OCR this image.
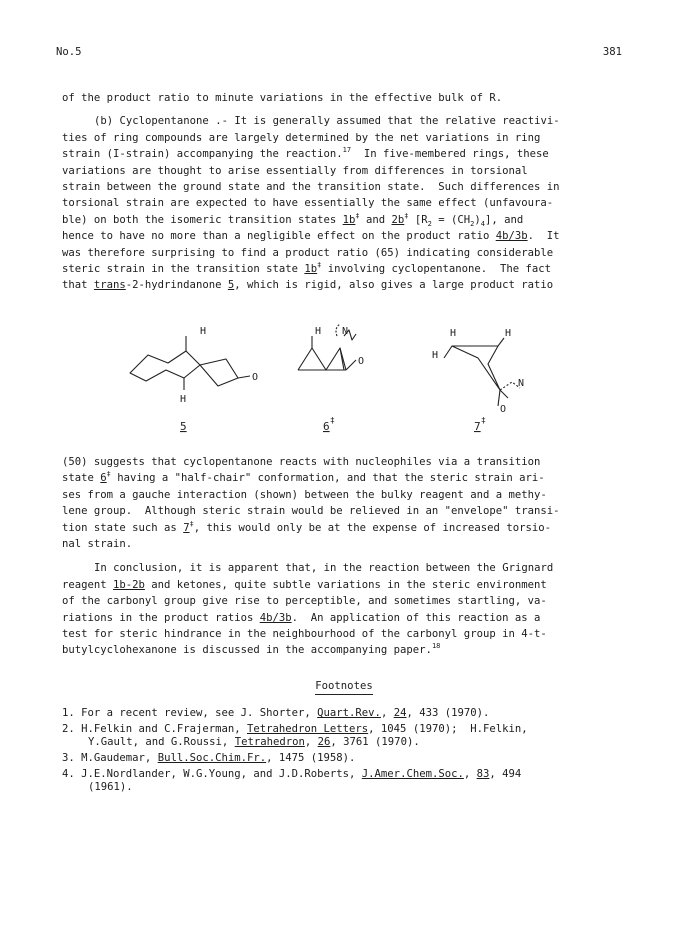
No.5	381
of the product ratio to minute variations in the effective bulk of R.
(b) Cyclopentanone .- It is generally assumed that the relative reactivi-
ties of ring compounds are largely determined by the net variations in ring
strain (I-strain) accompanying the reaction.$^{17}$  In five-membered rings, these
variations are thought to arise essentially from differences in torsional
strain between the ground state and the transition state.  Such differences in
torsional strain are expected to have essentially the same effect (unfavoura-
ble) on both the isomeric transition states 1b‡ and 2b‡ $[R_2 = (CH_2)_4]$, and
hence to have no more than a negligible effect on the product ratio 4b/3b.  It
was therefore surprising to find a product ratio (65) indicating considerable
steric strain in the transition state 1b‡ involving cyclopentanone.  The fact
that trans-2-hydrindanone 5, which is rigid, also gives a large product ratio
H
H
O
H N
O
H	H
H
N
O
5	6 ‡	7 ‡
(50) suggests that cyclopentanone reacts with nucleophiles via a transition
state 6‡ having a "half-chair" conformation, and that the steric strain ari-
ses from a gauche interaction (shown) between the bulky reagent and a methy-
lene group.  Although steric strain would be relieved in an "envelope" transi-
tion state such as 7‡, this would only be at the expense of increased torsio-
nal strain.
In conclusion, it is apparent that, in the reaction between the Grignard
reagent 1b-2b and ketones, quite subtle variations in the steric environment
of the carbonyl group give rise to perceptible, and sometimes startling, va-
riations in the product ratios 4b/3b.  An application of this reaction as a
test for steric hindrance in the neighbourhood of the carbonyl group in 4-t-
butylcyclohexanone is discussed in the accompanying paper.$^{18}$
Footnotes
1. For a recent review, see J. Shorter, Quart.Rev., 24, 433 (1970).
2. H.Felkin and C.Frajerman, Tetrahedron Letters, 1045 (1970);  H.Felkin,
Y.Gault, and G.Roussi, Tetrahedron, 26, 3761 (1970).
3. M.Gaudemar, Bull.Soc.Chim.Fr., 1475 (1958).
4. J.E.Nordlander, W.G.Young, and J.D.Roberts, J.Amer.Chem.Soc., 83, 494
(1961).
